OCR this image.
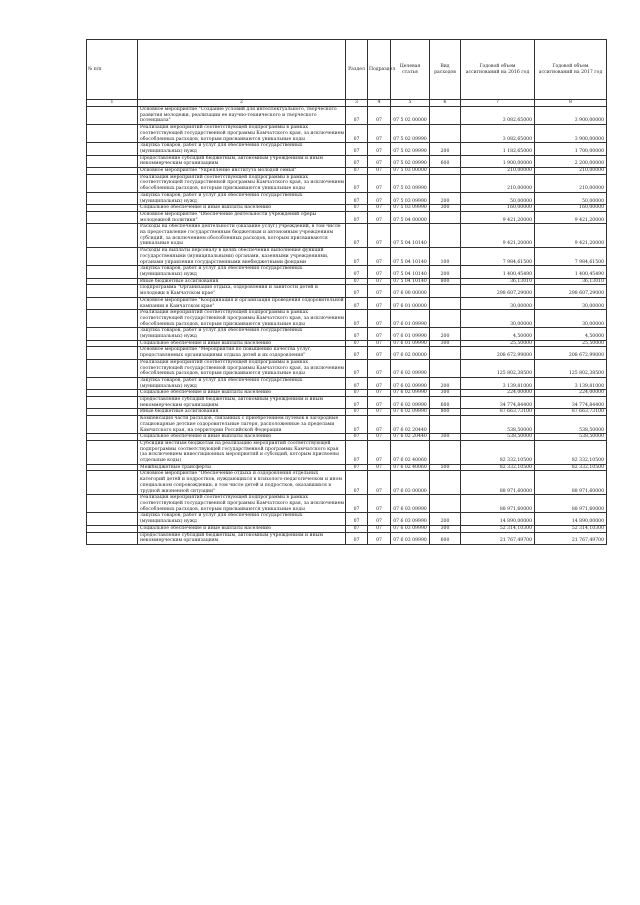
№ п/п		Раздел	Подраздел	Целевая статья	Вид расходов	Годовой объем ассигнований на 2016 год	Годовой объем ассигнований на 2017 год
1	2	3	4	5	6	7	8
	Основное мероприятие "Создание условий для интеллектуального, творческого развития молодежи, реализации ее научно-технического и творческого потенциала"	07	07	07 5 02 00000		3 082,65000	3 900,00000
	Реализация мероприятий соответствующей подпрограммы в рамках соответствующей государственной программы Камчатского края, за исключением обособленных расходов, которым присваиваются уникальные коды	07	07	07 5 02 09990		3 082,65000	3 900,00000
	Закупка товаров, работ и услуг для обеспечения государственных (муниципальных) нужд	07	07	07 5 02 09990	200	1 182,65000	1 700,00000
	Предоставление субсидий бюджетным, автономным учреждениям и иным некоммерческим организациям	07	07	07 5 02 09990	600	1 900,00000	2 200,00000
	Основное мероприятие "Укрепление института молодой семьи"	07	07	07 5 03 00000		210,00000	210,00000
	Реализация мероприятий соответствующей подпрограммы в рамках соответствующей государственной программы Камчатского края, за исключением обособленных расходов, которым присваиваются уникальные коды	07	07	07 5 03 09990		210,00000	210,00000
	Закупка товаров, работ и услуг для обеспечения государственных (муниципальных) нужд	07	07	07 5 03 09990	200	50,00000	50,00000
	Социальное обеспечение и иные выплаты населению	07	07	07 5 03 09990	300	160,00000	160,00000
	Основное мероприятие "Обеспечение деятельности учреждений сферы молодежной политики"	07	07	07 5 04 00000		9 421,20000	9 421,20000
	Расходы на обеспечение деятельности (оказание услуг) учреждений, в том числе на предоставление государственным бюджетным и автономным учреждениям субсидий, за исключением обособленных расходов, которым присваиваются уникальные коды	07	07	07 5 04 10140		9 421,20000	9 421,20000
	Расходы на выплаты персоналу в целях обеспечения выполнения функций государственными (муниципальными) органами, казенными учреждениями, органами управления государственными внебюджетными фондами	07	07	07 5 04 10140	100	7 984,61500	7 984,61500
	Закупка товаров, работ и услуг для обеспечения государственных (муниципальных) нужд	07	07	07 5 04 10140	200	1 400,45490	1 400,45490
	Иные бюджетные ассигнования	07	07	07 5 04 10140	800	36,13010	36,13010
	Подпрограмма "Организация отдыха, оздоровления и занятости детей и молодежи в Камчатском крае"	07	07	07 6 00 00000		298 607,29000	298 607,29000
	Основное мероприятие "Координация и организация проведения оздоровительной кампании в Камчатском крае"	07	07	07 6 01 00000		30,00000	30,00000
	Реализация мероприятий соответствующей подпрограммы в рамках соответствующей государственной программы Камчатского края, за исключением обособленных расходов, которым присваиваются уникальные коды	07	07	07 6 01 09990		30,00000	30,00000
	Закупка товаров, работ и услуг для обеспечения государственных (муниципальных) нужд	07	07	07 6 01 09990	200	4,50000	4,50000
	Социальное обеспечение и иные выплаты населению	07	07	07 6 01 09990	300	25,50000	25,50000
	Основное мероприятие "Мероприятия по повышению качества услуг, предоставляемых организациями отдыха детей и их оздоровления"	07	07	07 6 02 00000		208 672,99000	208 672,99000
	Реализация мероприятий соответствующей подпрограммы в рамках соответствующей государственной программы Камчатского края, за исключением обособленных расходов, которым присваиваются уникальные коды	07	07	07 6 02 09990		125 802,38500	125 802,38500
	Закупка товаров, работ и услуг для обеспечения государственных (муниципальных) нужд	07	07	07 6 02 09990	200	3 139,81000	3 139,81000
	Социальное обеспечение и иные выплаты населению	07	07	07 6 02 09990	300	224,00000	224,00000
	Предоставление субсидий бюджетным, автономным учреждениям и иным некоммерческим организациям	07	07	07 6 02 09990	600	34 774,84400	34 774,84400
	Иные бюджетные ассигнования	07	07	07 6 02 09990	800	87 663,73100	87 663,73100
	Компенсация части расходов, связанных с приобретением путевок в загородные стационарные детские оздоровительные лагеря, расположенные за пределами Камчатского края, на территории Российской Федерации	07	07	07 6 02 20440		538,50000	538,50000
	Социальное обеспечение и иные выплаты населению	07	07	07 6 02 20440	300	538,50000	538,50000
	Субсидии местным бюджетам на реализацию мероприятий соответствующей подпрограммы соответствующей государственной программы Камчатского края (за исключением инвестиционных мероприятий и субсидий, которым присвоены отдельные коды)	07	07	07 6 02 40060		82 332,10500	82 332,10500
	Межбюджетные трансферты	07	07	07 6 02 40060	500	82 332,10500	82 332,10500
	Основное мероприятие "Обеспечение отдыха и оздоровления отдельных категорий детей и подростков, нуждающихся в психолого-педагогическом и ином специальном сопровождении, в том числе детей и подростков, оказавшихся в трудной жизненной ситуации"	07	07	07 6 03 00000		88 971,60000	88 971,60000
	Реализация мероприятий соответствующей подпрограммы в рамках соответствующей государственной программы Камчатского края, за исключением обособленных расходов, которым присваиваются уникальные коды	07	07	07 6 03 09990		88 971,60000	88 971,60000
	Закупка товаров, работ и услуг для обеспечения государственных (муниципальных) нужд	07	07	07 6 03 09990	200	14 890,00000	14 890,00000
	Социальное обеспечение и иные выплаты населению	07	07	07 6 03 09990	300	52 314,10300	52 314,10300
	Предоставление субсидий бюджетным, автономным учреждениям и иным некоммерческим организациям	07	07	07 6 03 09990	600	21 767,49700	21 767,49700
